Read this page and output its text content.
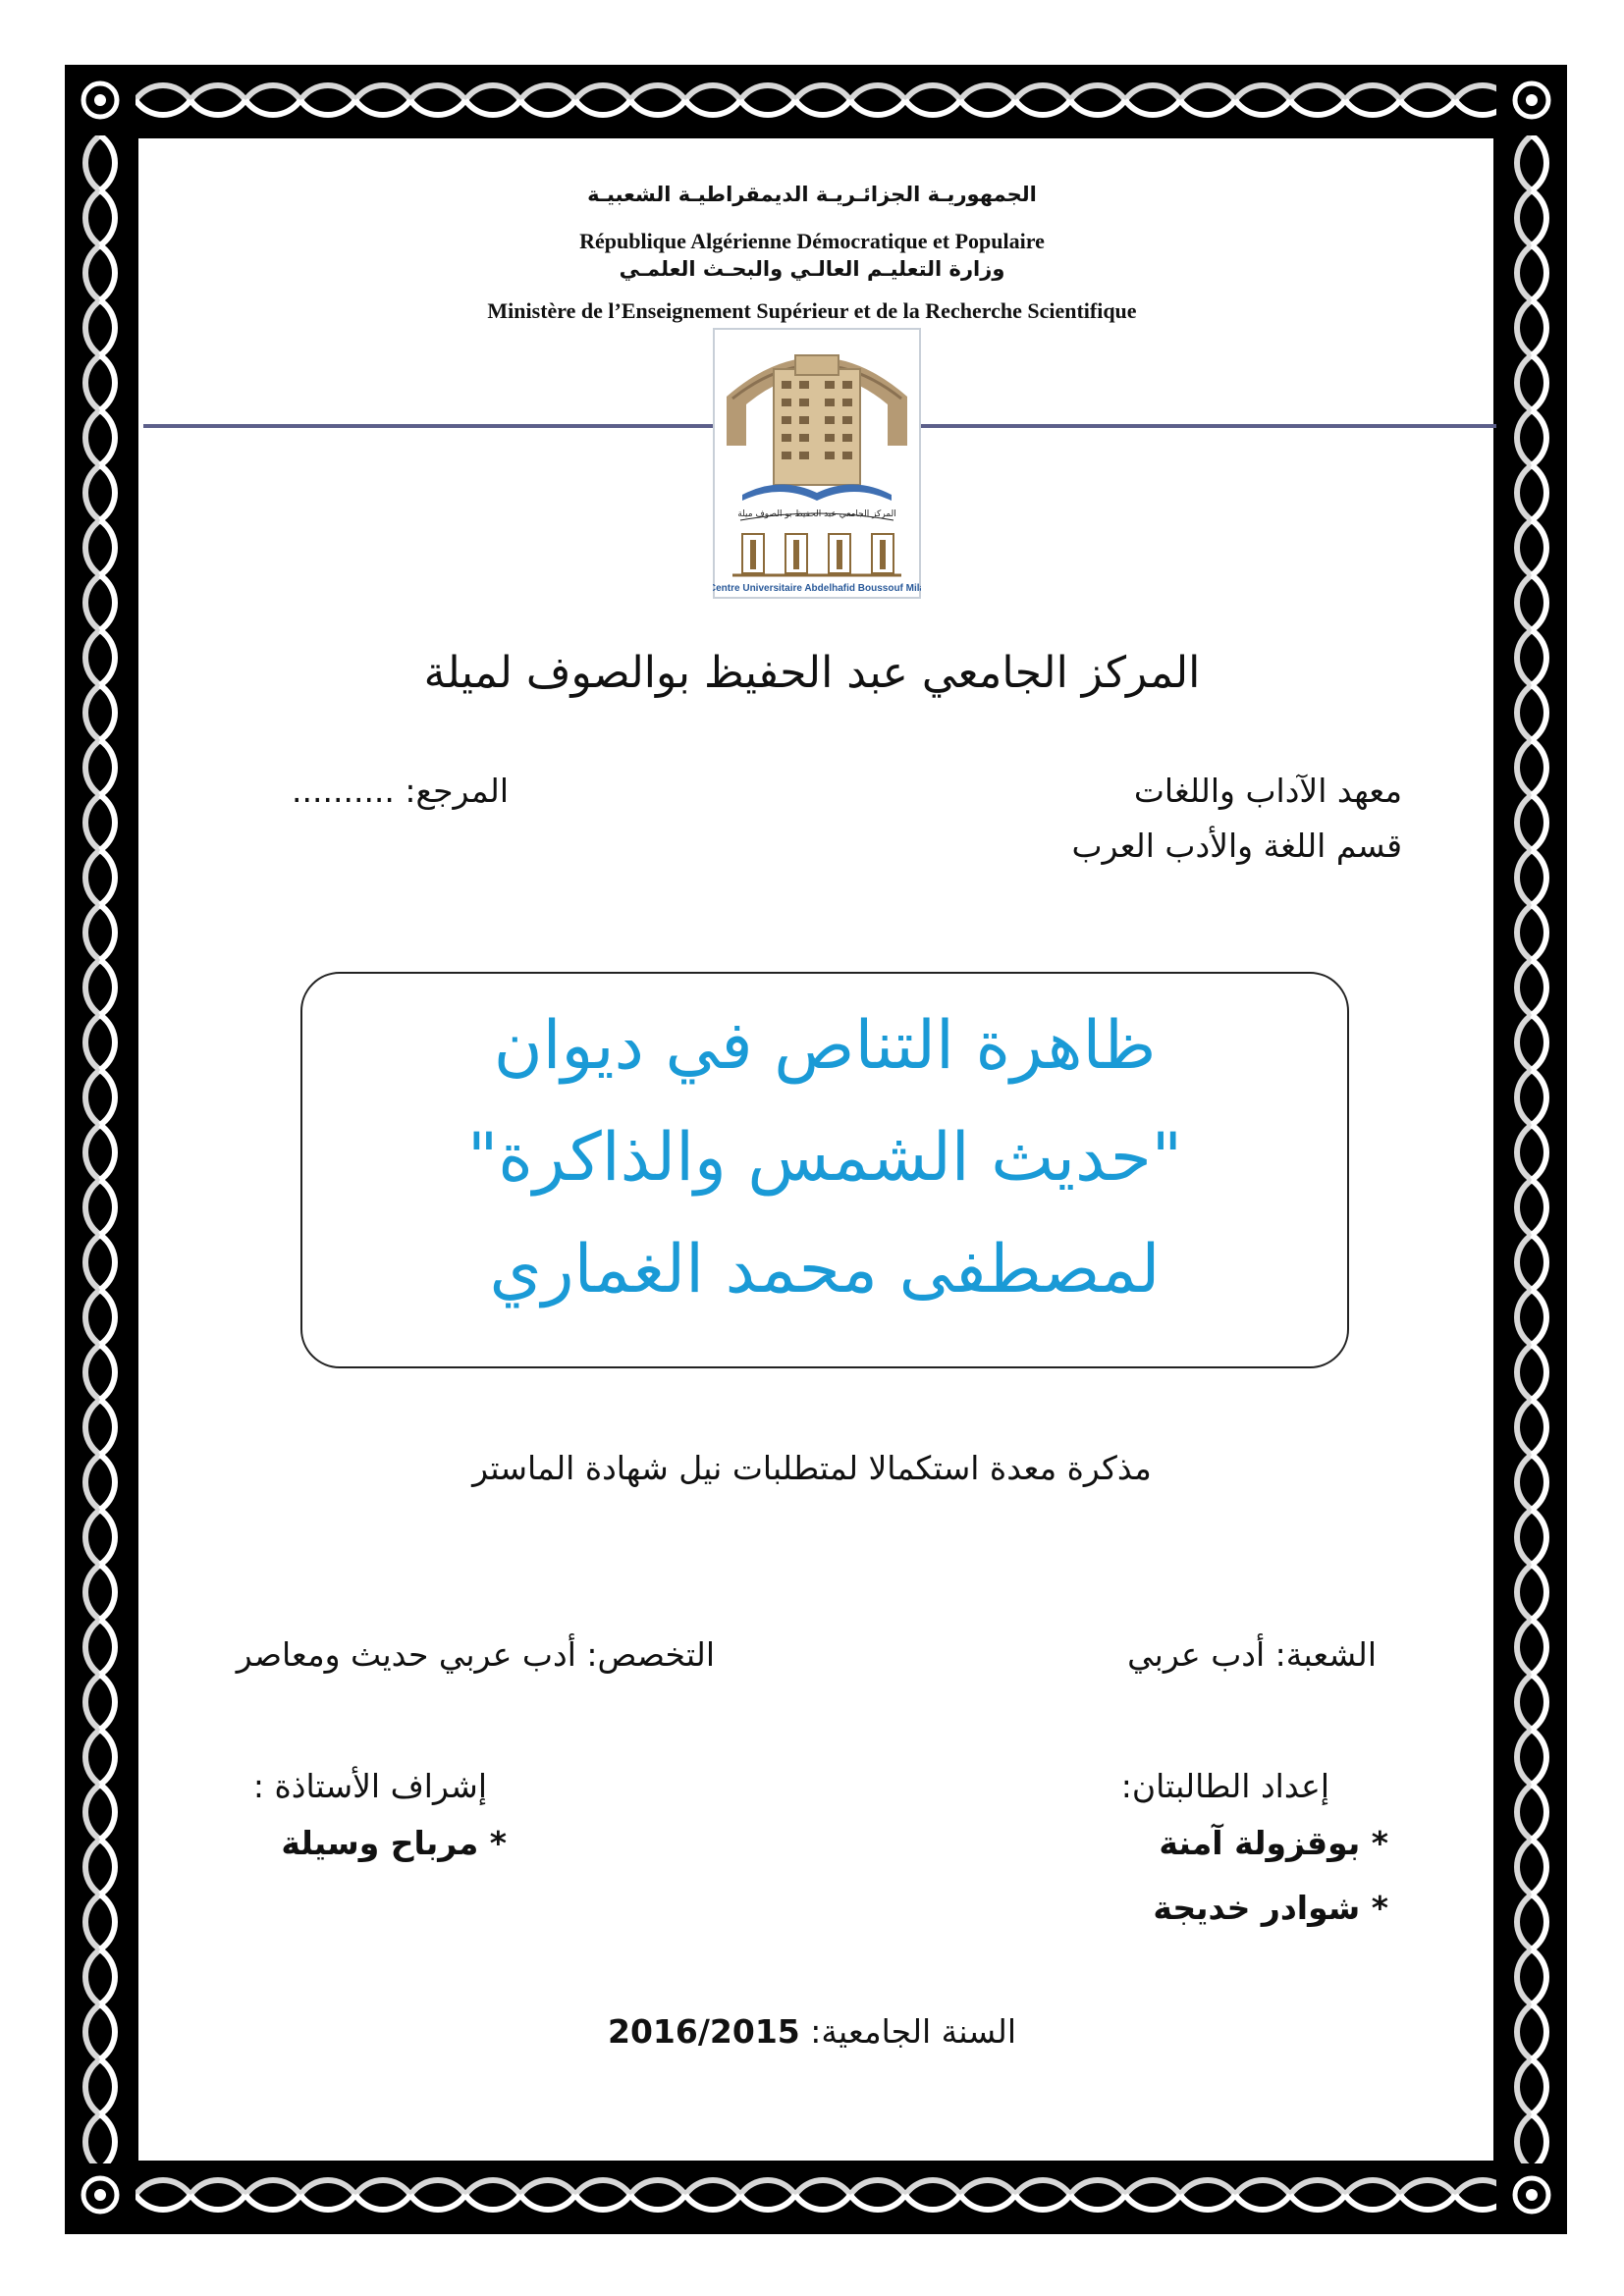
الجمهوريـة الجزائـريـة الديمقراطيـة الشعبيـة
République Algérienne Démocratique et Populaire
وزارة التعليـم العالـي والبحـث العلمـي
Ministère de l’Enseignement Supérieur et de la Recherche Scientifique
المركز الجامعي عبد الحفيظ بو الصوف ميلة
Centre Universitaire Abdelhafid Boussouf Mila
المركز الجامعي عبد الحفيظ بوالصوف لميلة
معهد الآداب واللغات
المرجع: ..........
قسم اللغة والأدب العرب
ظاهرة التناص في ديوان
"حديث الشمس والذاكرة"
لمصطفى محمد الغماري
مذكرة معدة استكمالا لمتطلبات نيل شهادة الماستر
الشعبة: أدب عربي
التخصص: أدب عربي حديث ومعاصر
إعداد الطالبتان:
إشراف الأستاذة :
* بوقزولة آمنة
* مرباح وسيلة
* شوادر خديجة
السنة الجامعية: 2016/2015
